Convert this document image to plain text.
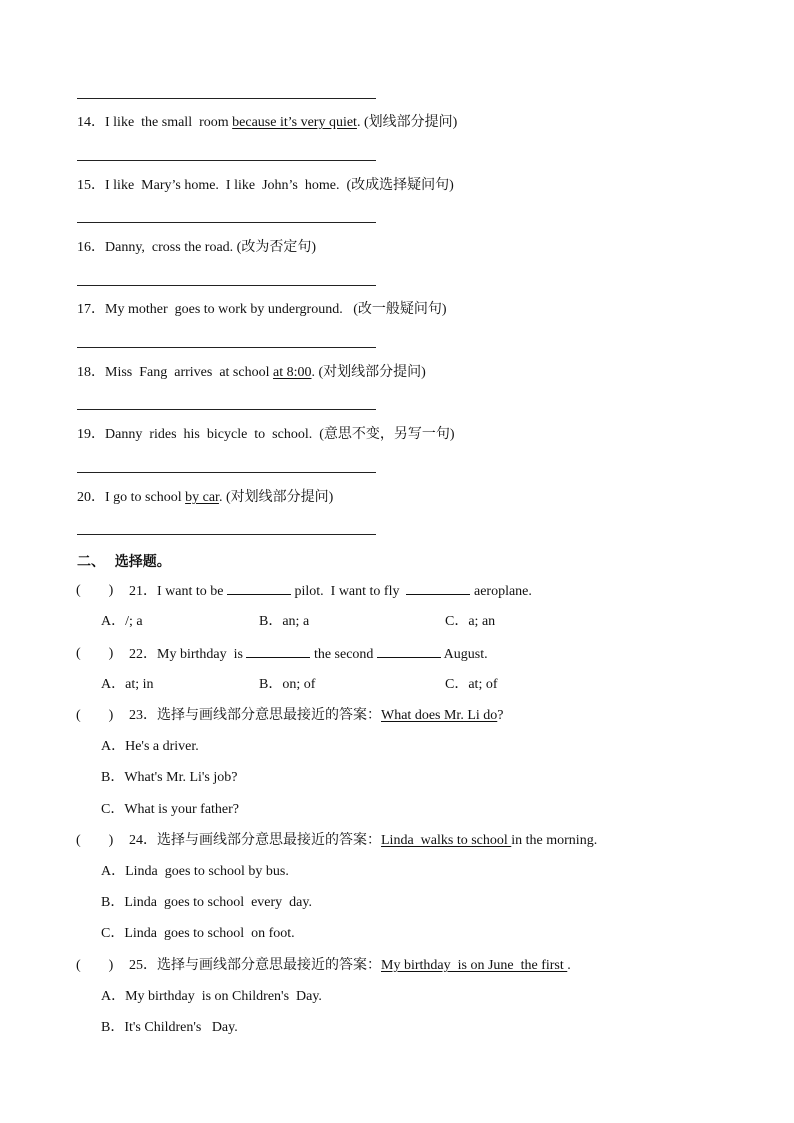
14．I like  the small  room because it’s very quiet. (划线部分提问)
15．I like  Mary’s home.  I like  John’s  home.  (改成选择疑问句)
16．Danny,  cross the road. (改为否定句)
17．My mother  goes to work by underground.   (改一般疑问句)
18．Miss  Fang  arrives  at school at 8:00. (对划线部分提问)
19．Danny  rides  his  bicycle  to  school.  (意思不变，另写一句)
20．I go to school by car. (对划线部分提问)
二、  选择题。
(        ) 21．I want to be	pilot.  I want to fly	aeroplane.
A．/; a	B．an; a	C．a; an
(        ) 22．My birthday  is	the second	August.
A．at; in	B．on; of	C．at; of
(        ) 23．选择与画线部分意思最接近的答案：What does Mr. Li do?
A．He's a driver.
B．What's Mr. Li's job?
C．What is your father?
(        ) 24．选择与画线部分意思最接近的答案：Linda  walks to school in the morning.
A．Linda  goes to school by bus.
B．Linda  goes to school  every  day.
C．Linda  goes to school  on foot.
(        ) 25．选择与画线部分意思最接近的答案：My birthday  is on June  the first .
A．My birthday  is on Children's  Day.
B．It's Children's   Day.
